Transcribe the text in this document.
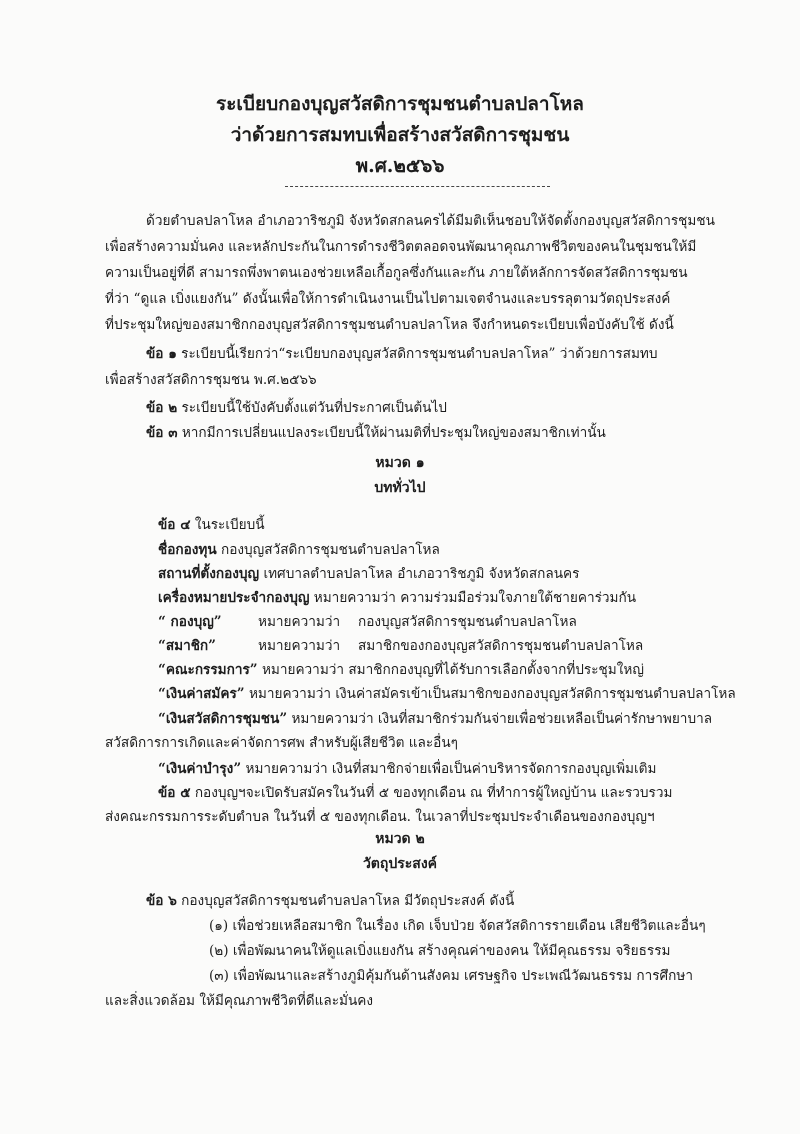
ระเบียบกองบุญสวัสดิการชุมชนตำบลปลาโหล
ว่าด้วยการสมทบเพื่อสร้างสวัสดิการชุมชน
พ.ศ.๒๕๖๖
ด้วยตำบลปลาโหล อำเภอวาริชภูมิ จังหวัดสกลนครได้มีมติเห็นชอบให้จัดตั้งกองบุญสวัสดิการชุมชน
เพื่อสร้างความมั่นคง และหลักประกันในการดำรงชีวิตตลอดจนพัฒนาคุณภาพชีวิตของคนในชุมชนให้มี
ความเป็นอยู่ที่ดี สามารถพึ่งพาตนเองช่วยเหลือเกื้อกูลซึ่งกันและกัน ภายใต้หลักการจัดสวัสดิการชุมชน
ที่ว่า “ดูแล เบิ่งแยงกัน” ดังนั้นเพื่อให้การดำเนินงานเป็นไปตามเจตจำนงและบรรลุตามวัตถุประสงค์
ที่ประชุมใหญ่ของสมาชิกกองบุญสวัสดิการชุมชนตำบลปลาโหล จึงกำหนดระเบียบเพื่อบังคับใช้ ดังนี้
ข้อ ๑ ระเบียบนี้เรียกว่า“ระเบียบกองบุญสวัสดิการชุมชนตำบลปลาโหล” ว่าด้วยการสมทบ
เพื่อสร้างสวัสดิการชุมชน พ.ศ.๒๕๖๖
ข้อ ๒ ระเบียบนี้ใช้บังคับตั้งแต่วันที่ประกาศเป็นต้นไป
ข้อ ๓ หากมีการเปลี่ยนแปลงระเบียบนี้ให้ผ่านมติที่ประชุมใหญ่ของสมาชิกเท่านั้น
หมวด ๑
บททั่วไป
ข้อ ๔ ในระเบียบนี้
ชื่อกองทุน กองบุญสวัสดิการชุมชนตำบลปลาโหล
สถานที่ตั้งกองบุญ เทศบาลตำบลปลาโหล อำเภอวาริชภูมิ จังหวัดสกลนคร
เครื่องหมายประจำกองบุญ หมายความว่า ความร่วมมือร่วมใจภายใต้ชายคาร่วมกัน
“ กองบุญ”	หมายความว่า กองบุญสวัสดิการชุมชนตำบลปลาโหล
“สมาชิก”	หมายความว่า สมาชิกของกองบุญสวัสดิการชุมชนตำบลปลาโหล
“คณะกรรมการ” หมายความว่า สมาชิกกองบุญที่ได้รับการเลือกตั้งจากที่ประชุมใหญ่
“เงินค่าสมัคร” หมายความว่า เงินค่าสมัครเข้าเป็นสมาชิกของกองบุญสวัสดิการชุมชนตำบลปลาโหล
“เงินสวัสดิการชุมชน” หมายความว่า เงินที่สมาชิกร่วมกันจ่ายเพื่อช่วยเหลือเป็นค่ารักษาพยาบาล
สวัสดิการการเกิดและค่าจัดการศพ สำหรับผู้เสียชีวิต และอื่นๆ
“เงินค่าบำรุง” หมายความว่า เงินที่สมาชิกจ่ายเพื่อเป็นค่าบริหารจัดการกองบุญเพิ่มเติม
ข้อ ๕ กองบุญฯจะเปิดรับสมัครในวันที่ ๕ ของทุกเดือน ณ ที่ทำการผู้ใหญ่บ้าน และรวบรวม
ส่งคณะกรรมการระดับตำบล ในวันที่ ๕ ของทุกเดือน. ในเวลาที่ประชุมประจำเดือนของกองบุญฯ
หมวด ๒
วัตถุประสงค์
ข้อ ๖ กองบุญสวัสดิการชุมชนตำบลปลาโหล มีวัตถุประสงค์ ดังนี้
(๑) เพื่อช่วยเหลือสมาชิก ในเรื่อง เกิด เจ็บป่วย จัดสวัสดิการรายเดือน เสียชีวิตและอื่นๆ
(๒) เพื่อพัฒนาคนให้ดูแลเบิ่งแยงกัน สร้างคุณค่าของคน ให้มีคุณธรรม จริยธรรม
(๓) เพื่อพัฒนาและสร้างภูมิคุ้มกันด้านสังคม เศรษฐกิจ ประเพณีวัฒนธรรม การศึกษา
และสิ่งแวดล้อม ให้มีคุณภาพชีวิตที่ดีและมั่นคง
